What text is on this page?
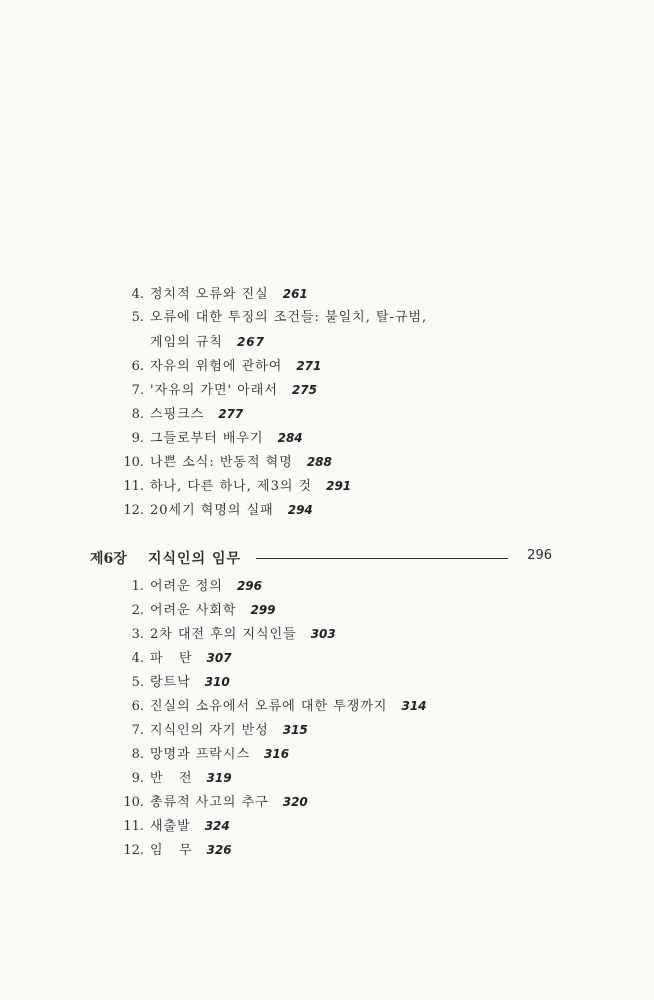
4. 정치적 오류와 진실 261
5. 오류에 대한 투징의 조건들: 불일치, 탈-규범,
게임의 규칙 267
6. 자유의 위험에 관하여 271
7. '자유의 가면' 아래서 275
8. 스핑크스 277
9. 그들로부터 배우기 284
10. 나쁜 소식: 반동적 혁명 288
11. 하나, 다른 하나, 제3의 것 291
12. 20세기 혁명의 실패 294
제6장 지식인의 임무	296
1. 어려운 정의 296
2. 어려운 사회학 299
3. 2차 대전 후의 지식인들 303
4. 파   탄 307
5. 랑트낙 310
6. 진실의 소유에서 오류에 대한 투쟁까지 314
7. 지식인의 자기 반성 315
8. 망명과 프락시스 316
9. 반   전 319
10. 총류적 사고의 추구 320
11. 새출발 324
12. 임   무 326
